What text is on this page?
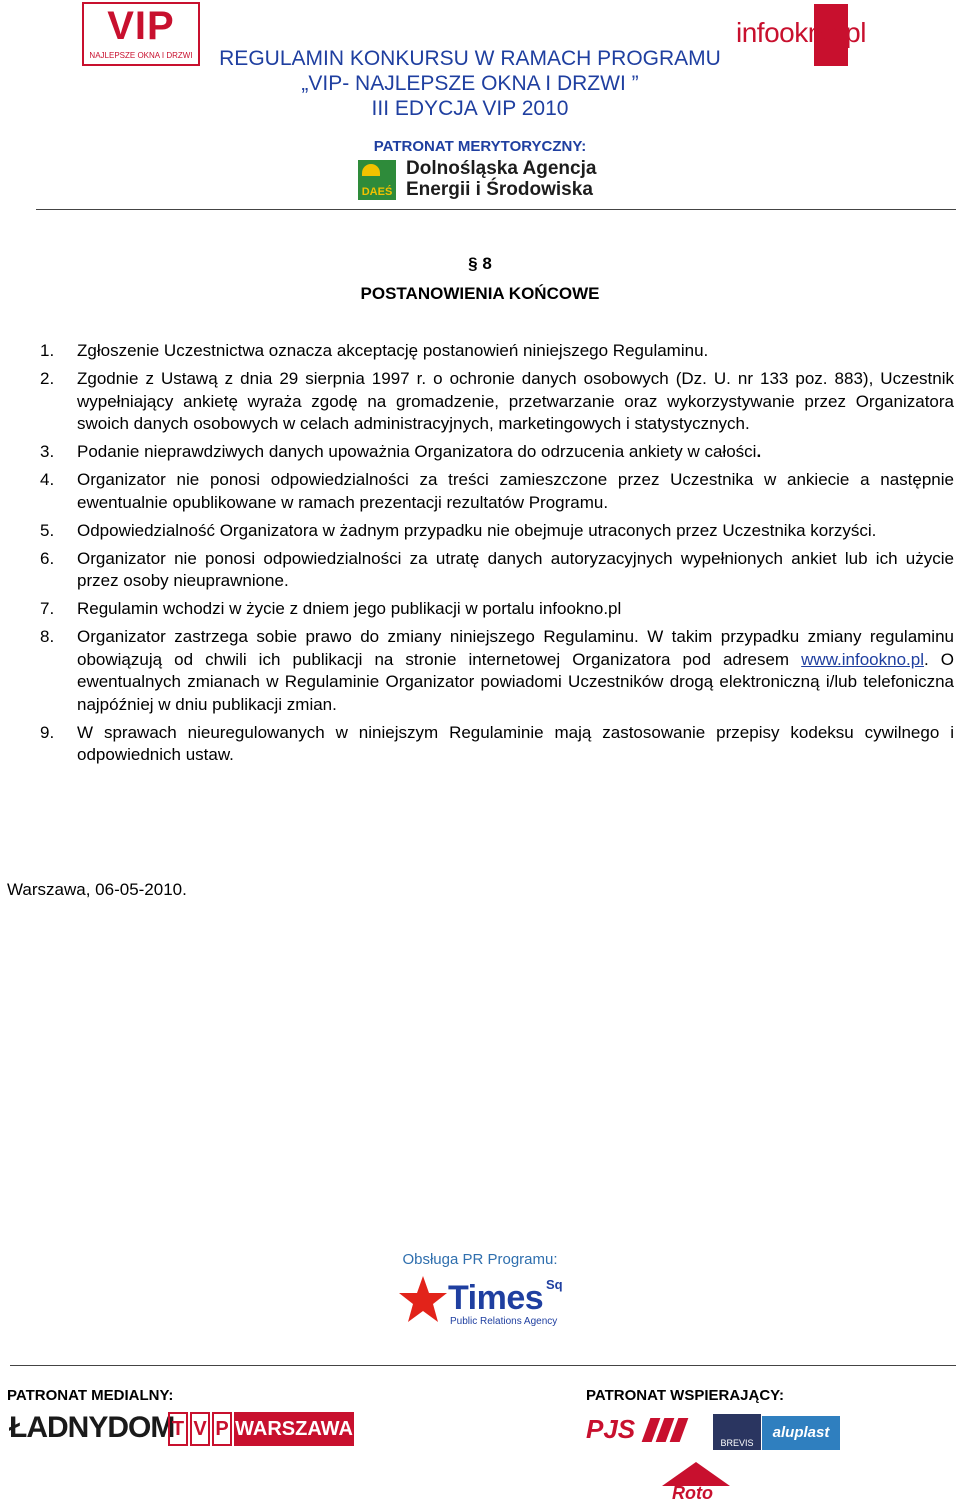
VIP
NAJLEPSZE OKNA I DRZWI
infookno.pl
REGULAMIN KONKURSU W RAMACH PROGRAMU
„VIP- NAJLEPSZE OKNA I DRZWI ”
III EDYCJA VIP 2010
PATRONAT MERYTORYCZNY:
DAEŚ
Dolnośląska Agencja
Energii i Środowiska
§ 8
POSTANOWIENIA KOŃCOWE
1. Zgłoszenie Uczestnictwa oznacza akceptację postanowień niniejszego Regulaminu.
2. Zgodnie z Ustawą z dnia 29 sierpnia 1997 r. o ochronie danych osobowych (Dz. U. nr 133 poz. 883), Uczestnik wypełniający ankietę wyraża zgodę na gromadzenie, przetwarzanie oraz wykorzystywanie przez Organizatora swoich danych osobowych w celach administracyjnych, marketingowych i statystycznych.
3. Podanie nieprawdziwych danych upoważnia Organizatora do odrzucenia ankiety w całości.
4. Organizator nie ponosi odpowiedzialności za treści zamieszczone przez Uczestnika w ankiecie a następnie ewentualnie opublikowane w ramach prezentacji rezultatów Programu.
5. Odpowiedzialność Organizatora w żadnym przypadku nie obejmuje utraconych przez Uczestnika korzyści.
6. Organizator nie ponosi odpowiedzialności za utratę danych autoryzacyjnych wypełnionych ankiet lub ich użycie przez osoby nieuprawnione.
7. Regulamin wchodzi w życie z dniem jego publikacji w portalu infookno.pl
8. Organizator zastrzega sobie prawo do zmiany niniejszego Regulaminu. W takim przypadku zmiany regulaminu obowiązują od chwili ich publikacji na stronie internetowej Organizatora pod adresem www.infookno.pl. O ewentualnych zmianach w Regulaminie Organizator powiadomi Uczestników drogą elektroniczną i/lub telefoniczna najpóźniej w dniu publikacji zmian.
9. W sprawach nieuregulowanych w niniejszym Regulaminie mają zastosowanie przepisy kodeksu cywilnego i odpowiednich ustaw.
Warszawa, 06-05-2010.
Obsługa PR Programu:
Times Sq
Public Relations Agency
PATRONAT MEDIALNY:	PATRONAT WSPIERAJĄCY:
ŁADNYDOM
T V P WARSZAWA	PJS	BREVIS
aluplast
Roto
